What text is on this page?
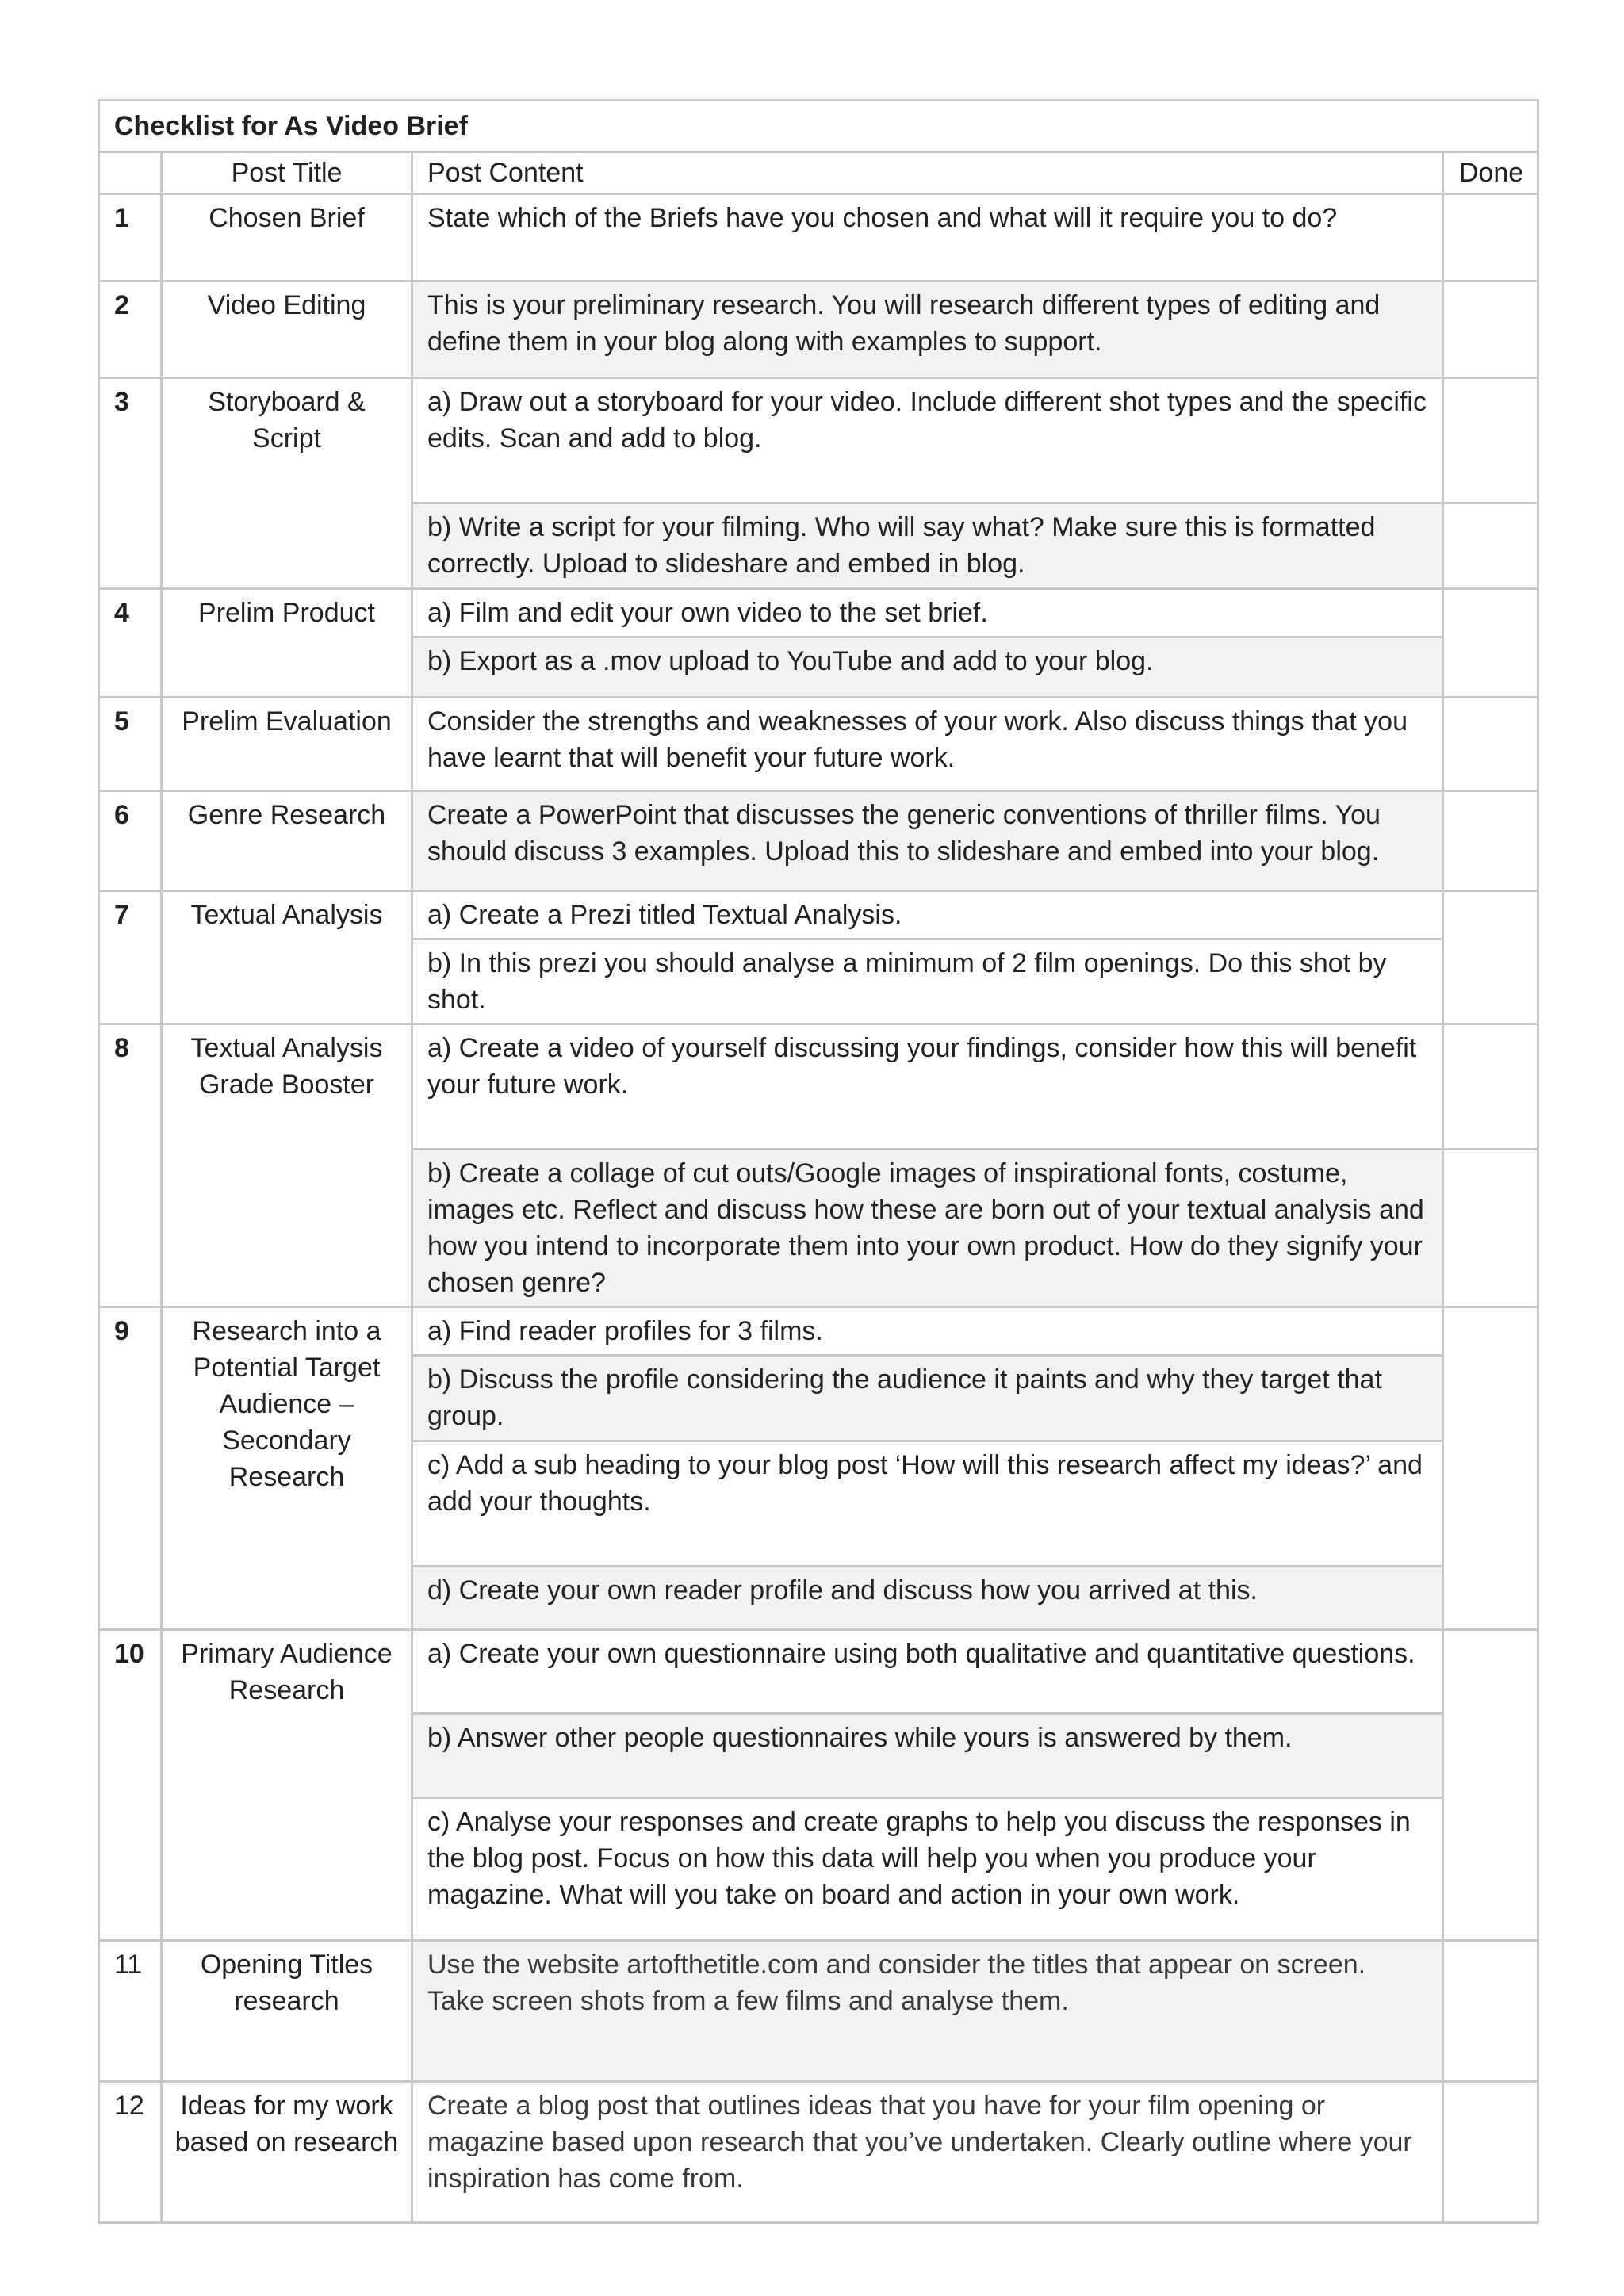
Checklist for As Video Brief			
	Post Title	Post Content	Done
1	Chosen Brief	State which of the Briefs have you chosen and what will it require you to do?	
2	Video Editing	This is your preliminary research. You will research different types of editing and define them in your blog along with examples to support.	
3	Storyboard & Script	a) Draw out a storyboard for your video. Include different shot types and the specific edits. Scan and add to blog.	
		b) Write a script for your filming. Who will say what? Make sure this is formatted correctly. Upload to slideshare and embed in blog.	
4	Prelim Product	a) Film and edit your own video to the set brief.	
		b) Export as a .mov upload to YouTube and add to your blog.	
5	Prelim Evaluation	Consider the strengths and weaknesses of your work. Also discuss things that you have learnt that will benefit your future work.	
6	Genre Research	Create a PowerPoint that discusses the generic conventions of thriller films. You should discuss 3 examples. Upload this to slideshare and embed into your blog.	
7	Textual Analysis	a) Create a Prezi titled Textual Analysis.	
		b) In this prezi you should analyse a minimum of 2 film openings. Do this shot by shot.	
8	Textual Analysis Grade Booster	a) Create a video of yourself discussing your findings, consider how this will benefit your future work.	
		b) Create a collage of cut outs/Google images of inspirational fonts, costume, images etc. Reflect and discuss how these are born out of your textual analysis and how you intend to incorporate them into your own product. How do they signify your chosen genre?	
9	Research into a Potential Target Audience – Secondary Research	a) Find reader profiles for 3 films.	
		b) Discuss the profile considering the audience it paints and why they target that group.	
		c) Add a sub heading to your blog post ‘How will this research affect my ideas?’ and add your thoughts.	
		d) Create your own reader profile and discuss how you arrived at this.	
10	Primary Audience Research	a) Create your own questionnaire using both qualitative and quantitative questions.	
		b) Answer other people questionnaires while yours is answered by them.	
		c) Analyse your responses and create graphs to help you discuss the responses in the blog post. Focus on how this data will help you when you produce your magazine. What will you take on board and action in your own work.	
11	Opening Titles research	Use the website artofthetitle.com and consider the titles that appear on screen. Take screen shots from a few films and analyse them.	
12	Ideas for my work based on research	Create a blog post that outlines ideas that you have for your film opening or magazine based upon research that you’ve undertaken. Clearly outline where your inspiration has come from.	
